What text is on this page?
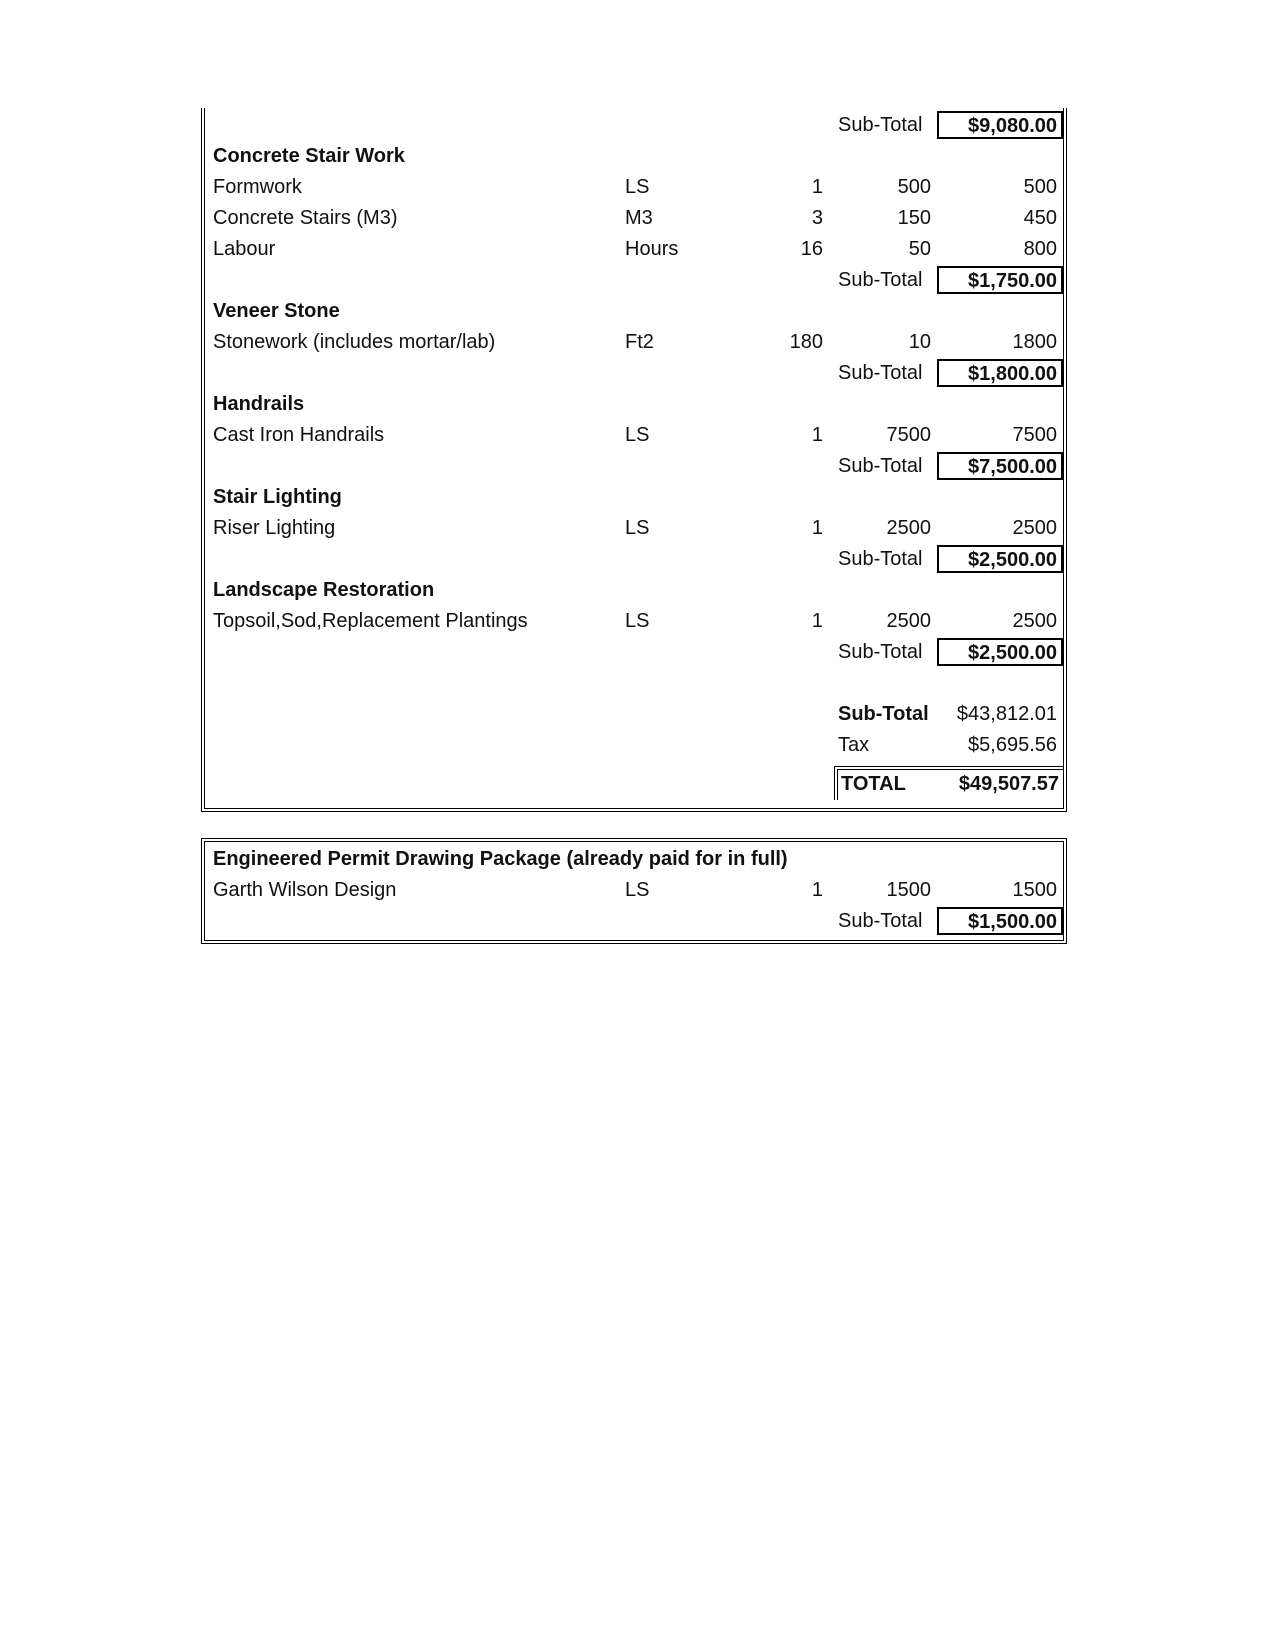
Sub-Total	$9,080.00
Concrete Stair Work
Formwork	LS	1	500	500
Concrete Stairs (M3)	M3	3	150	450
Labour	Hours	16	50	800
Sub-Total	$1,750.00
Veneer Stone
Stonework (includes mortar/lab)	Ft2	180	10	1800
Sub-Total	$1,800.00
Handrails
Cast Iron Handrails	LS	1	7500	7500
Sub-Total	$7,500.00
Stair Lighting
Riser Lighting	LS	1	2500	2500
Sub-Total	$2,500.00
Landscape Restoration
Topsoil,Sod,Replacement Plantings	LS	1	2500	2500
Sub-Total	$2,500.00
Sub-Total $43,812.01
Tax	$5,695.56
TOTAL	$49,507.57
Engineered Permit Drawing Package (already paid for in full)
Garth Wilson Design	LS	1	1500	1500
Sub-Total	$1,500.00
